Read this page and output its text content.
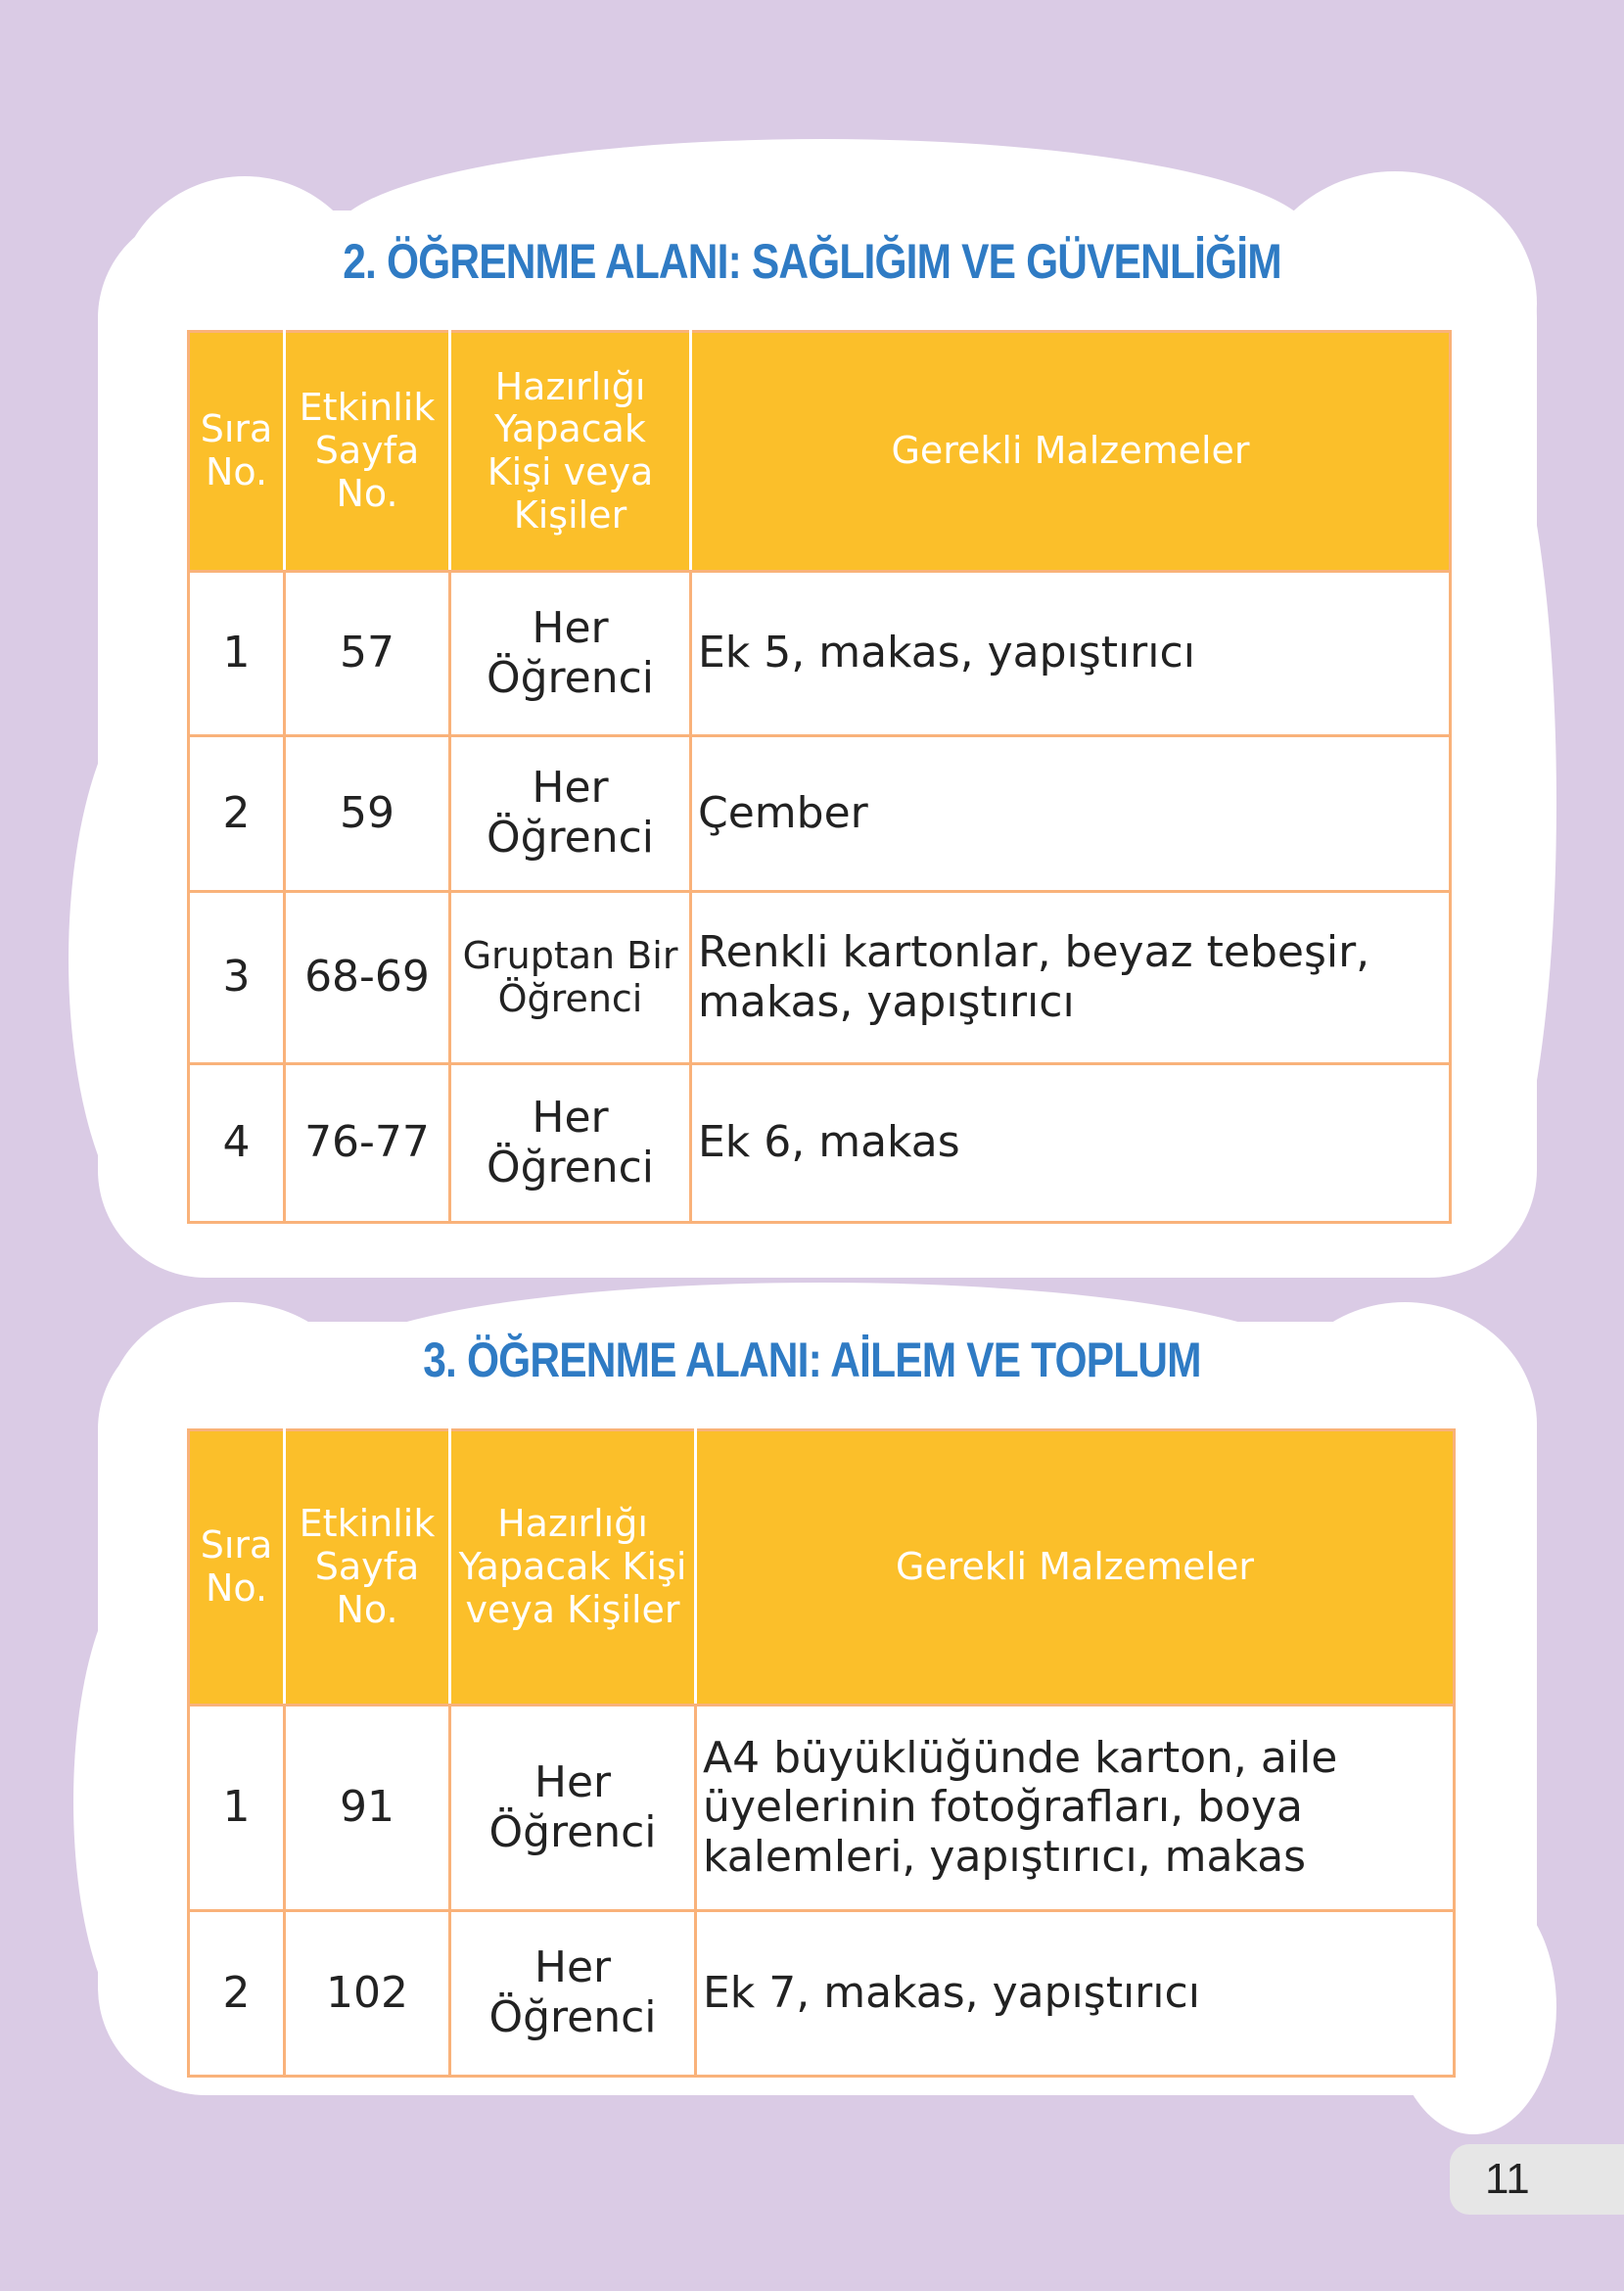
2. ÖĞRENME ALANI: SAĞLIĞIM VE GÜVENLİĞİM
Sıra No.	Etkinlik Sayfa No.	Hazırlığı Yapacak Kişi veya Kişiler	Gerekli Malzemeler
1	57	Her Öğrenci	Ek 5, makas, yapıştırıcı
2	59	Her Öğrenci	Çember
3	68-69	Gruptan Bir Öğrenci	Renkli kartonlar, beyaz tebeşir, makas, yapıştırıcı
4	76-77	Her Öğrenci	Ek 6, makas
3. ÖĞRENME ALANI: AİLEM VE TOPLUM
Sıra No.	Etkinlik Sayfa No.	Hazırlığı Yapacak Kişi veya Kişiler	Gerekli Malzemeler
1	91	Her Öğrenci	A4 büyüklüğünde karton, aile üyelerinin fotoğrafları, boya kalemleri, yapıştırıcı, makas
2	102	Her Öğrenci	Ek 7, makas, yapıştırıcı
11
